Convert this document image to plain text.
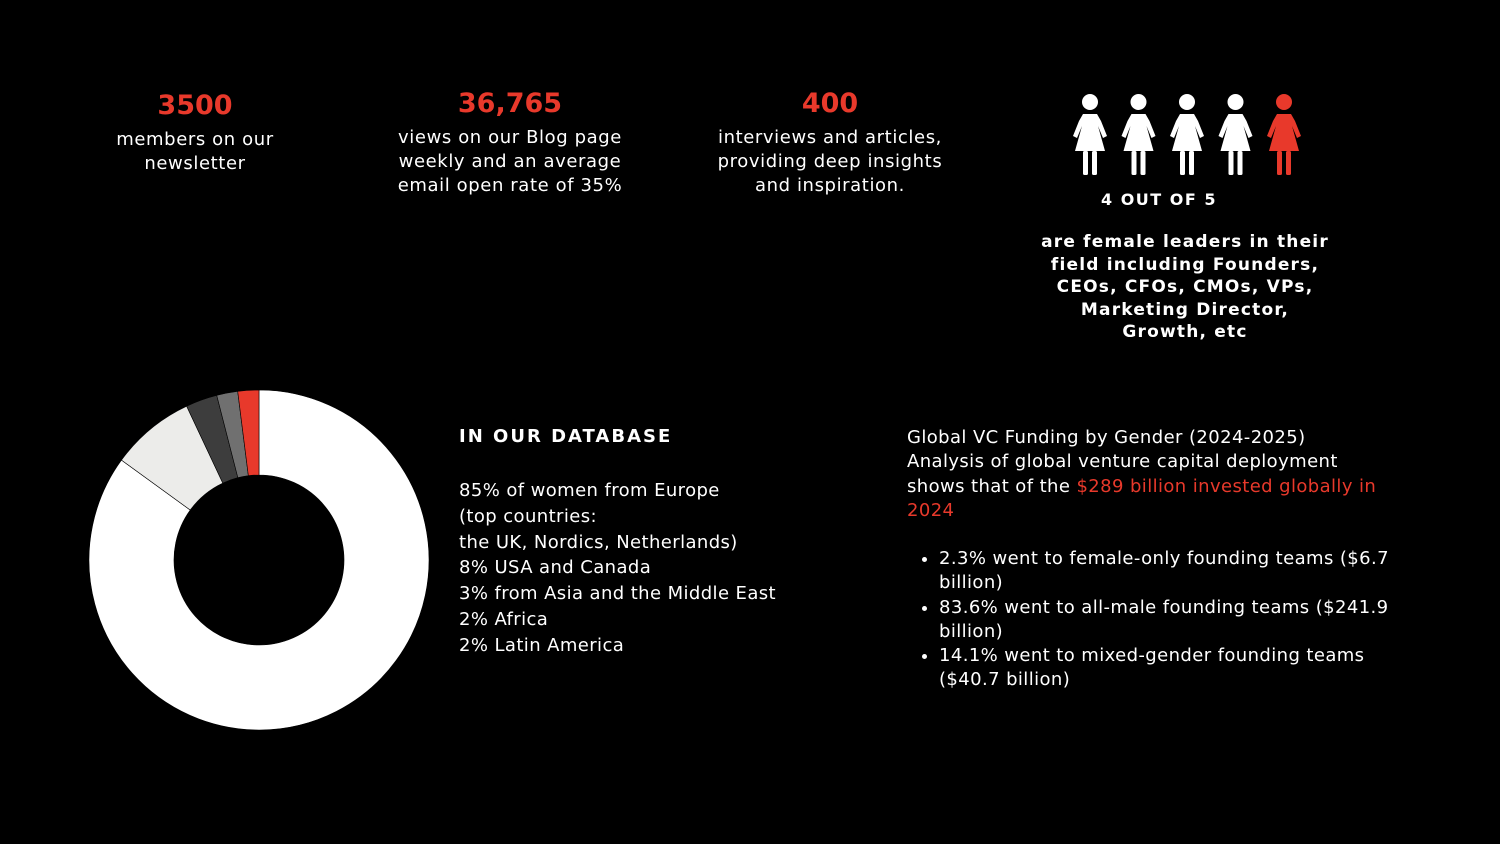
3500
members on our
newsletter
36,765
views on our Blog page
weekly and an average
email open rate of 35%
400
interviews and articles,
providing deep insights
and inspiration.
4 OUT OF 5
are female leaders in their
field including Founders,
CEOs, CFOs, CMOs, VPs,
Marketing Director,
Growth, etc
IN OUR DATABASE
85% of women from Europe
(top countries:
the UK, Nordics, Netherlands)
8% USA and Canada
3% from Asia and the Middle East
2% Africa
2% Latin America
Global VC Funding by Gender (2024-2025)
Analysis of global venture capital deployment shows that of the $289 billion invested globally in 2024
• 2.3% went to female-only founding teams ($6.7 billion)
• 83.6% went to all-male founding teams ($241.9 billion)
• 14.1% went to mixed-gender founding teams ($40.7 billion)
